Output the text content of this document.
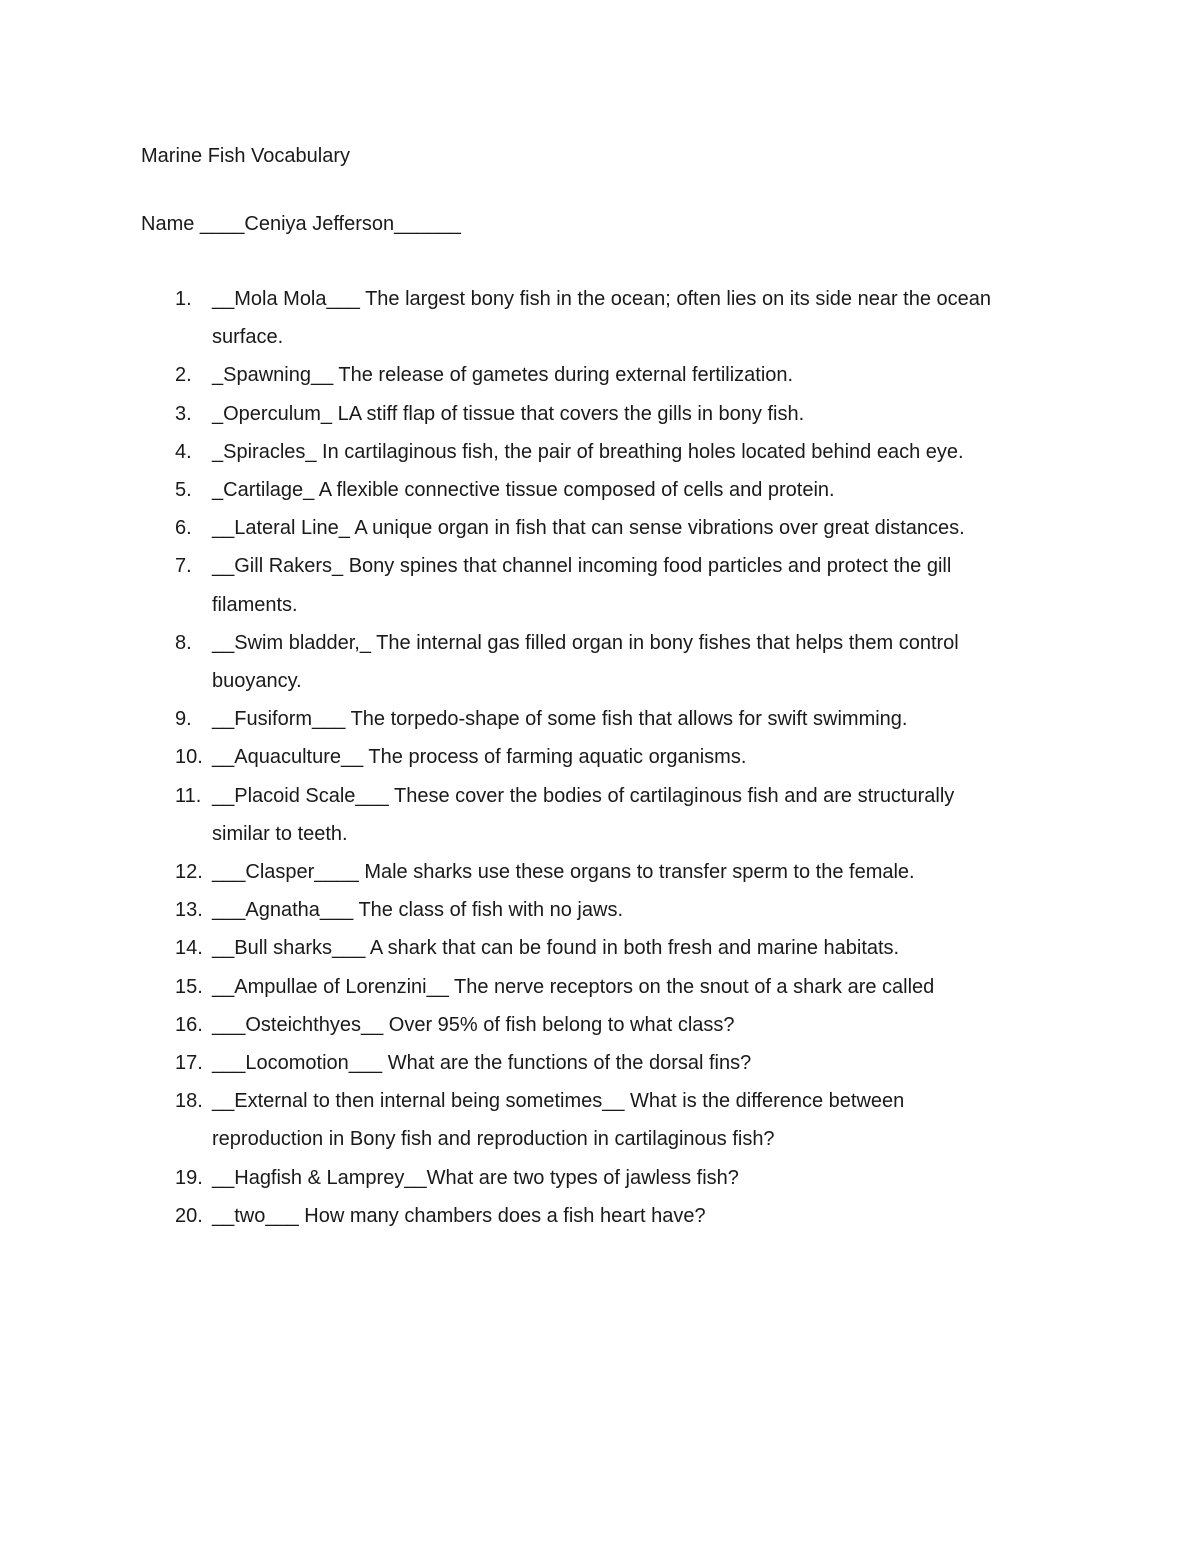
Marine Fish Vocabulary
Name ____Ceniya Jefferson______
1. __Mola Mola___ The largest bony fish in the ocean; often lies on its side near the ocean
surface.
2. _Spawning__ The release of gametes during external fertilization.
3. _Operculum_ LA stiff flap of tissue that covers the gills in bony fish.
4. _Spiracles_ In cartilaginous fish, the pair of breathing holes located behind each eye.
5. _Cartilage_ A flexible connective tissue composed of cells and protein.
6. __Lateral Line_ A unique organ in fish that can sense vibrations over great distances.
7. __Gill Rakers_ Bony spines that channel incoming food particles and protect the gill
filaments.
8. __Swim bladder,_ The internal gas filled organ in bony fishes that helps them control
buoyancy.
9. __Fusiform___ The torpedo-shape of some fish that allows for swift swimming.
10. __Aquaculture__ The process of farming aquatic organisms.
11. __Placoid Scale___ These cover the bodies of cartilaginous fish and are structurally
similar to teeth.
12. ___Clasper____ Male sharks use these organs to transfer sperm to the female.
13. ___Agnatha___ The class of fish with no jaws.
14. __Bull sharks___ A shark that can be found in both fresh and marine habitats.
15. __Ampullae of Lorenzini__ The nerve receptors on the snout of a shark are called
16. ___Osteichthyes__ Over 95% of fish belong to what class?
17. ___Locomotion___ What are the functions of the dorsal fins?
18. __External to then internal being sometimes__ What is the difference between
reproduction in Bony fish and reproduction in cartilaginous fish?
19. __Hagfish & Lamprey__What are two types of jawless fish?
20. __two___ How many chambers does a fish heart have?
